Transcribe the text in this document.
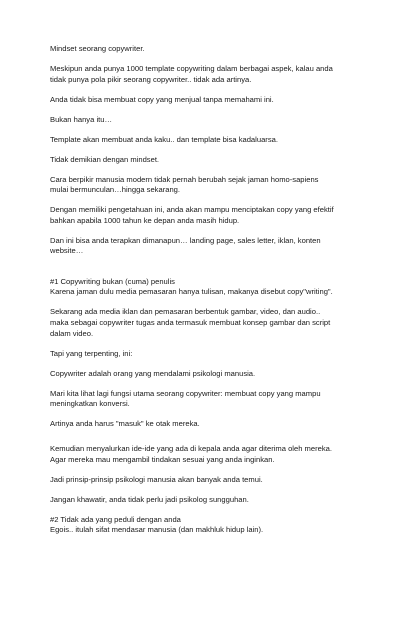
Mindset seorang copywriter.
Meskipun anda punya 1000 template copywriting dalam berbagai aspek, kalau anda
tidak punya pola pikir seorang copywriter.. tidak ada artinya.
Anda tidak bisa membuat copy yang menjual tanpa memahami ini.
Bukan hanya itu…
Template akan membuat anda kaku.. dan template bisa kadaluarsa.
Tidak demikian dengan mindset.
Cara berpikir manusia modern tidak pernah berubah sejak jaman homo-sapiens
mulai bermunculan…hingga sekarang.
Dengan memiliki pengetahuan ini, anda akan mampu menciptakan copy yang efektif
bahkan apabila 1000 tahun ke depan anda masih hidup.
Dan ini bisa anda terapkan dimanapun… landing page, sales letter, iklan, konten
website…
#1 Copywriting bukan (cuma) penulis
Karena jaman dulu media pemasaran hanya tulisan, makanya disebut copy"writing".
Sekarang ada media iklan dan pemasaran berbentuk gambar, video, dan audio..
maka sebagai copywriter tugas anda termasuk membuat konsep gambar dan script
dalam video.
Tapi yang terpenting, ini:
Copywriter adalah orang yang mendalami psikologi manusia.
Mari kita lihat lagi fungsi utama seorang copywriter: membuat copy yang mampu
meningkatkan konversi.
Artinya anda harus "masuk" ke otak mereka.
Kemudian menyalurkan ide-ide yang ada di kepala anda agar diterima oleh mereka.
Agar mereka mau mengambil tindakan sesuai yang anda inginkan.
Jadi prinsip-prinsip psikologi manusia akan banyak anda temui.
Jangan khawatir, anda tidak perlu jadi psikolog sungguhan.
#2 Tidak ada yang peduli dengan anda
Egois.. itulah sifat mendasar manusia (dan makhluk hidup lain).
